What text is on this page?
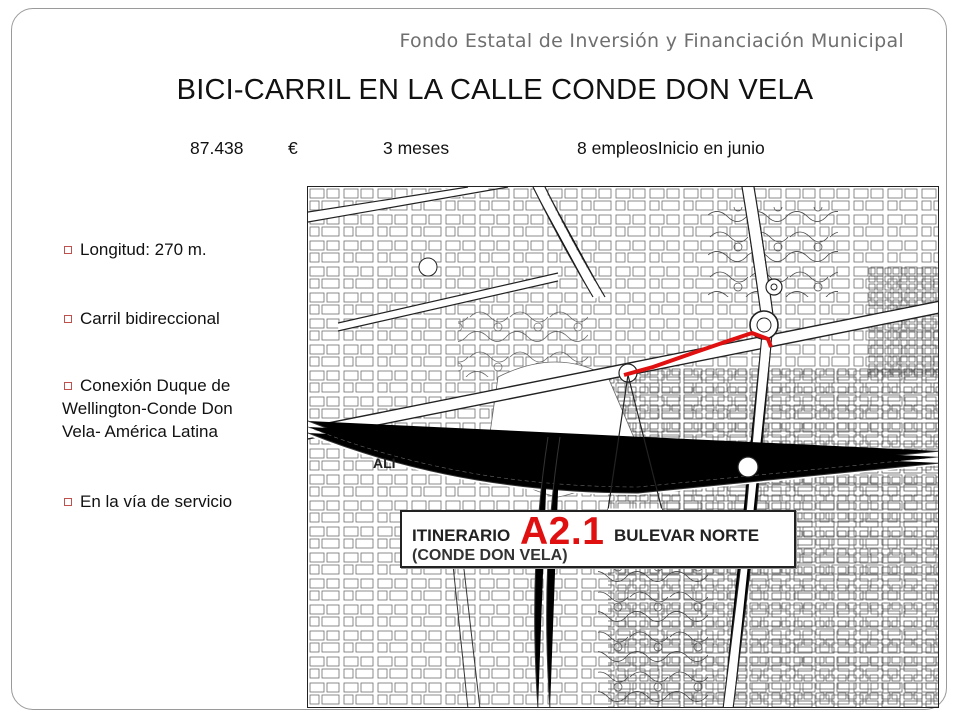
Fondo Estatal de Inversión y Financiación Municipal
BICI-CARRIL EN LA CALLE CONDE DON VELA
87.438	€	3 meses	8 empleosInicio en junio
Longitud: 270 m.
Carril bidireccional
Conexión Duque de
Wellington-Conde Don
Vela- América Latina
En la vía de servicio
ALI
ITINERARIO A2.1 BULEVAR NORTE
(CONDE DON VELA)
